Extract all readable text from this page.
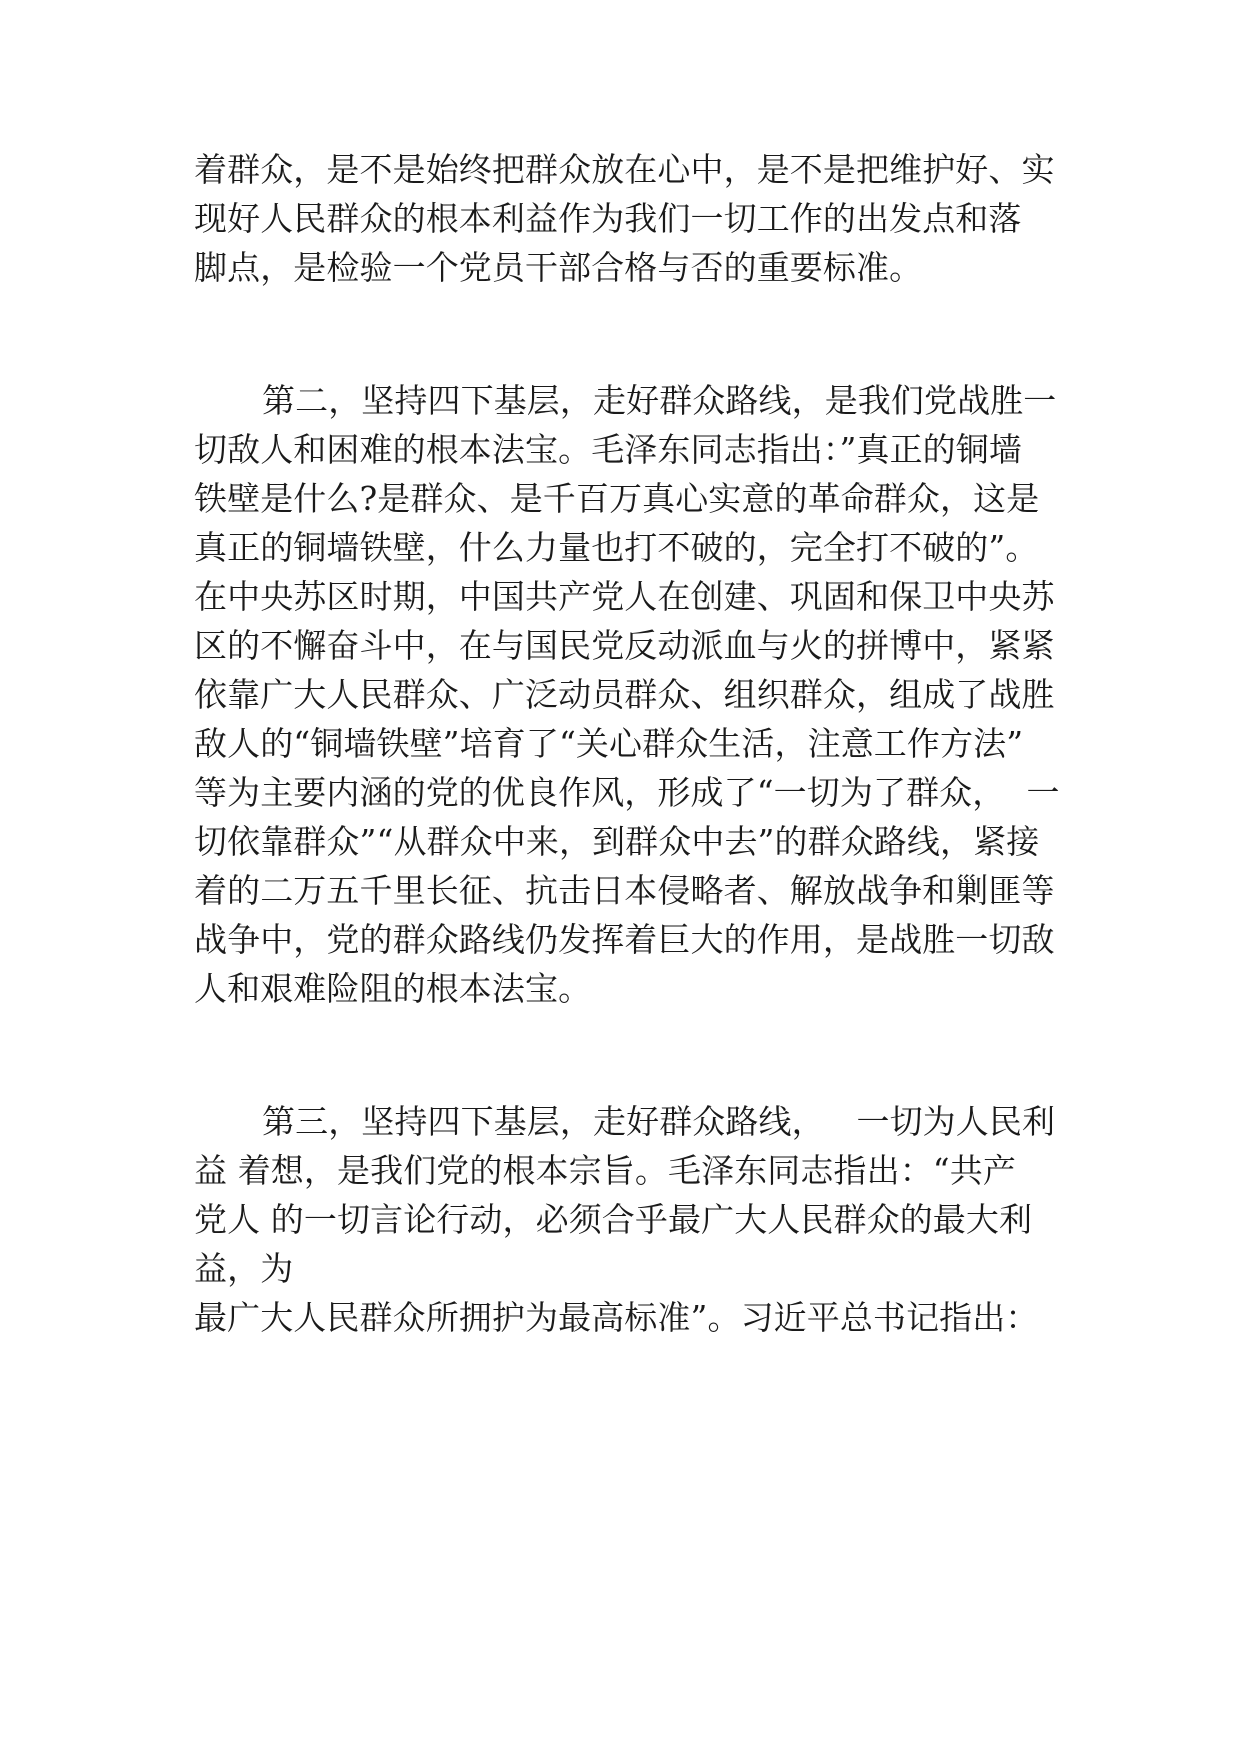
着群众，是不是始终把群众放在心中，是不是把维护好、实
现好人民群众的根本利益作为我们一切工作的出发点和落
脚点，是检验一个党员干部合格与否的重要标准。
第二，坚持四下基层，走好群众路线，是我们党战胜一
切敌人和困难的根本法宝。毛泽东同志指出：”真正的铜墙
铁壁是什么?是群众、是千百万真心实意的革命群众，这是
真正的铜墙铁壁，什么力量也打不破的，完全打不破的”。
在中央苏区时期，中国共产党人在创建、巩固和保卫中央苏
区的不懈奋斗中，在与国民党反动派血与火的拼博中，紧紧
依靠广大人民群众、广泛动员群众、组织群众，组成了战胜
敌人的“铜墙铁壁”培育了“关心群众生活，注意工作方法”
等为主要内涵的党的优良作风，形成了“一切为了群众，  一
切依靠群众”“从群众中来，到群众中去”的群众路线，紧接
着的二万五千里长征、抗击日本侵略者、解放战争和剿匪等
战争中，党的群众路线仍发挥着巨大的作用，是战胜一切敌
人和艰难险阻的根本法宝。
第三，坚持四下基层，走好群众路线，   一切为人民利
益 着想，是我们党的根本宗旨。毛泽东同志指出：“共产
党人 的一切言论行动，必须合乎最广大人民群众的最大利
益，为
最广大人民群众所拥护为最高标准”。习近平总书记指出：
